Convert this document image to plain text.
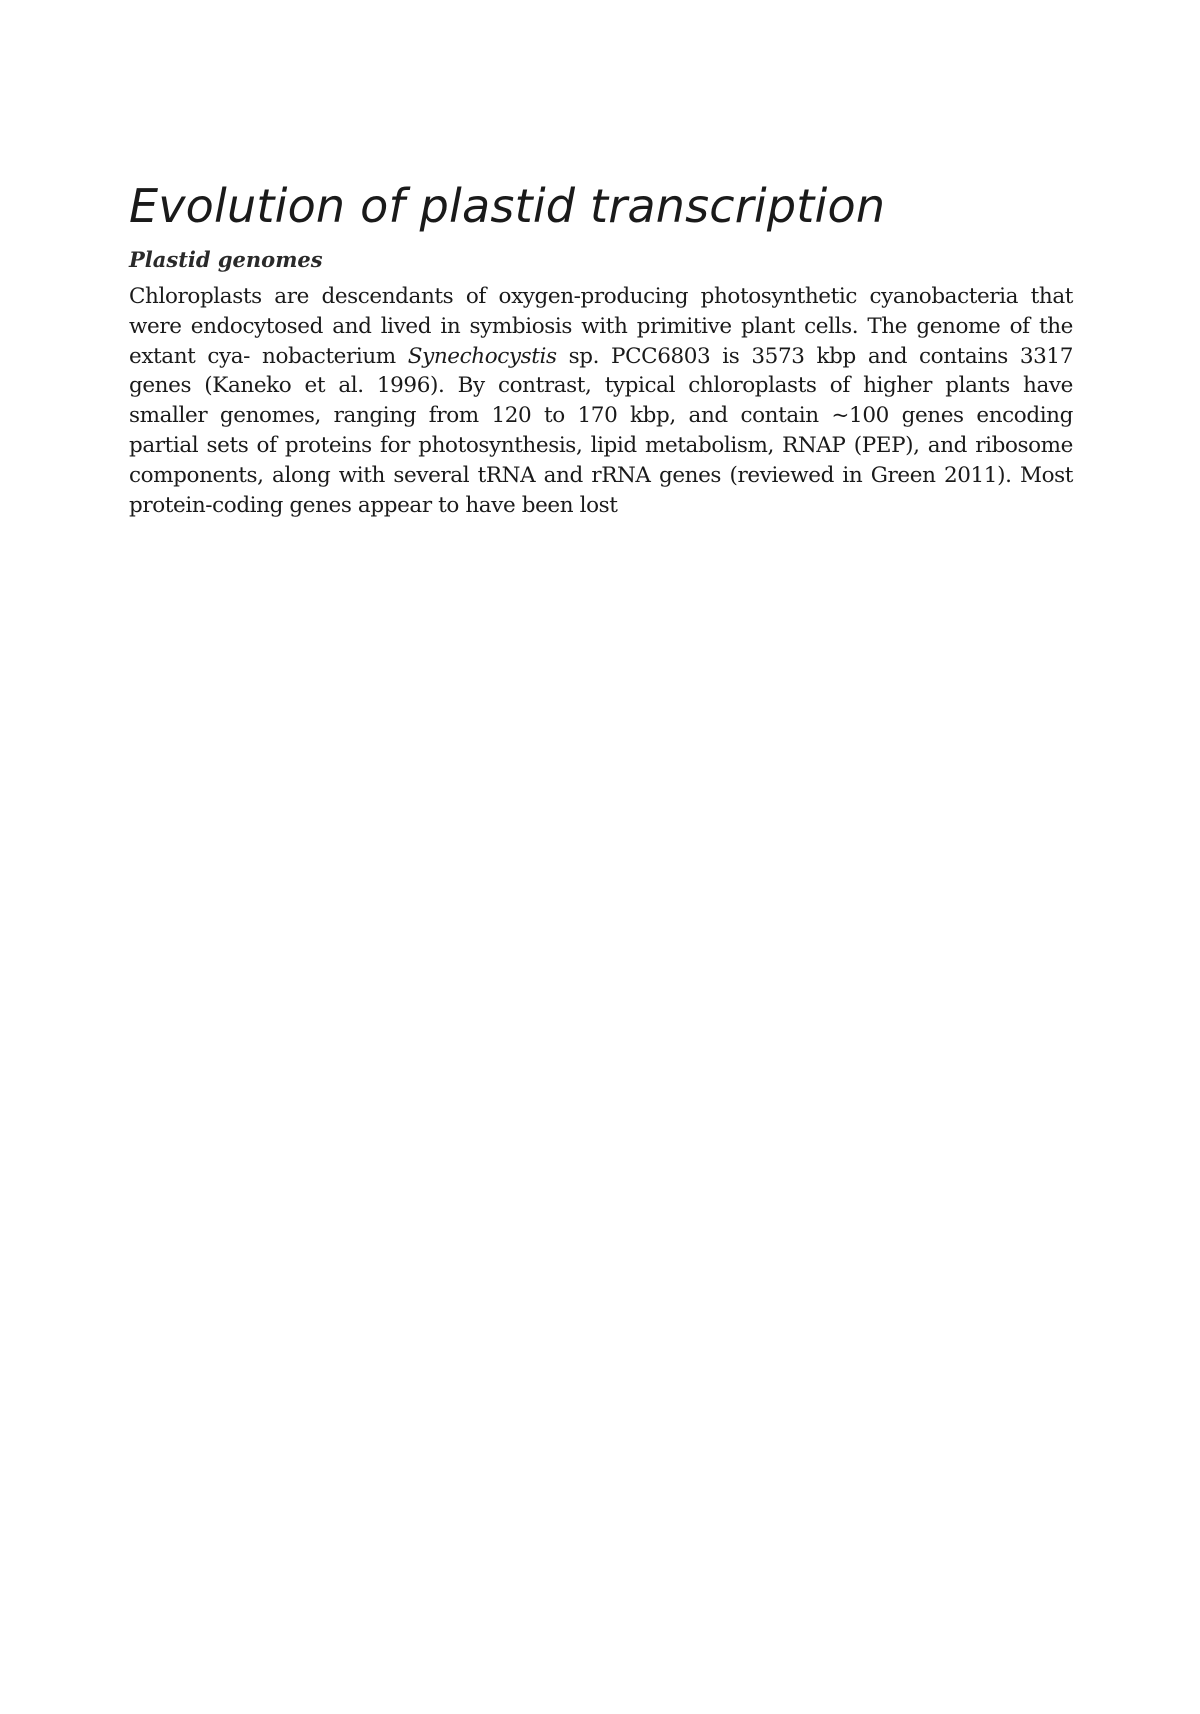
Evolution of plastid transcription
Plastid genomes

Chloroplasts are descendants of oxygen-producing photosynthetic cyanobacteria that were endocytosed and lived in symbiosis with primitive plant cells. The genome of the extant cya- nobacterium Synechocystis sp. PCC6803 is 3573 kbp and contains 3317 genes (Kaneko et al. 1996). By contrast, typical chloroplasts of higher plants have smaller genomes, ranging from 120 to 170 kbp, and contain ~100 genes encoding partial sets of proteins for photosynthesis, lipid metabolism, RNAP (PEP), and ribosome components, along with several tRNA and rRNA genes (reviewed in Green 2011). Most protein-coding genes appear to have been lost
